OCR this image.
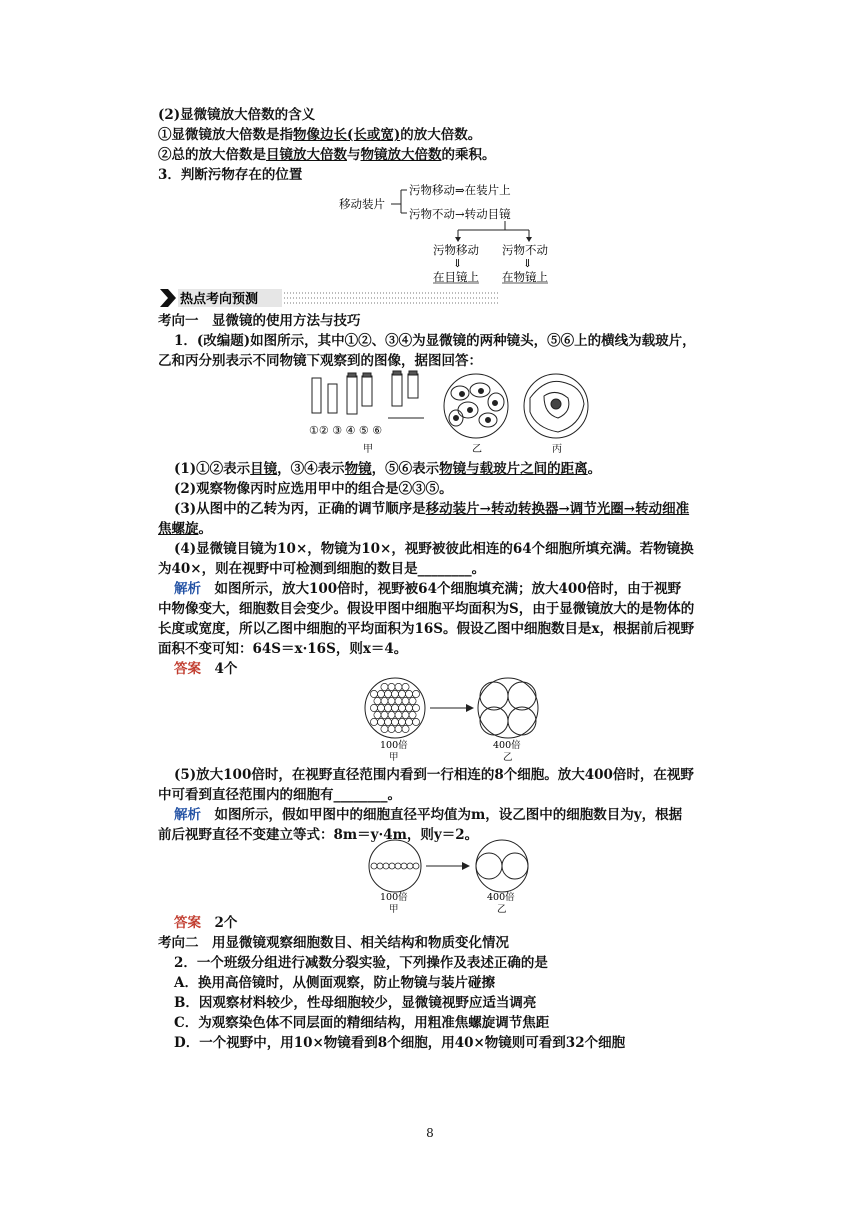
(2)显微镜放大倍数的含义
①显微镜放大倍数是指物像边长(长或宽)的放大倍数。
②总的放大倍数是目镜放大倍数与物镜放大倍数的乘积。
3．判断污物存在的位置
移动装片
污物移动⇒在装片上
污物不动→转动目镜
污物移动
⇓
在目镜上
污物不动
⇓
在物镜上
热点考向预测
考向一　显微镜的使用方法与技巧
1．(改编题)如图所示，其中①②、③④为显微镜的两种镜头，⑤⑥上的横线为载玻片，
乙和丙分别表示不同物镜下观察到的图像，据图回答：
①② ③ ④ ⑤ ⑥
甲	乙	丙
(1)①②表示目镜，③④表示物镜，⑤⑥表示物镜与载玻片之间的距离。
(2)观察物像丙时应选用甲中的组合是②③⑤。
(3)从图中的乙转为丙，正确的调节顺序是移动装片→转动转换器→调节光圈→转动细准
焦螺旋。
(4)显微镜目镜为10×，物镜为10×，视野被彼此相连的64个细胞所填充满。若物镜换
为40×，则在视野中可检测到细胞的数目是________。
解析　如图所示，放大100倍时，视野被64个细胞填充满；放大400倍时，由于视野
中物像变大，细胞数目会变少。假设甲图中细胞平均面积为S，由于显微镜放大的是物体的
长度或宽度，所以乙图中细胞的平均面积为16S。假设乙图中细胞数目是x，根据前后视野
面积不变可知：64S＝x·16S，则x＝4。
答案　4个
100倍
甲
400倍
乙
(5)放大100倍时，在视野直径范围内看到一行相连的8个细胞。放大400倍时，在视野
中可看到直径范围内的细胞有________。
解析　如图所示，假如甲图中的细胞直径平均值为m，设乙图中的细胞数目为y，根据
前后视野直径不变建立等式：8m＝y·4m，则y＝2。
100倍
甲
400倍
乙
答案　2个
考向二　用显微镜观察细胞数目、相关结构和物质变化情况
2．一个班级分组进行减数分裂实验，下列操作及表述正确的是
A．换用高倍镜时，从侧面观察，防止物镜与装片碰擦
B．因观察材料较少，性母细胞较少，显微镜视野应适当调亮
C．为观察染色体不同层面的精细结构，用粗准焦螺旋调节焦距
D．一个视野中，用10×物镜看到8个细胞，用40×物镜则可看到32个细胞
8
